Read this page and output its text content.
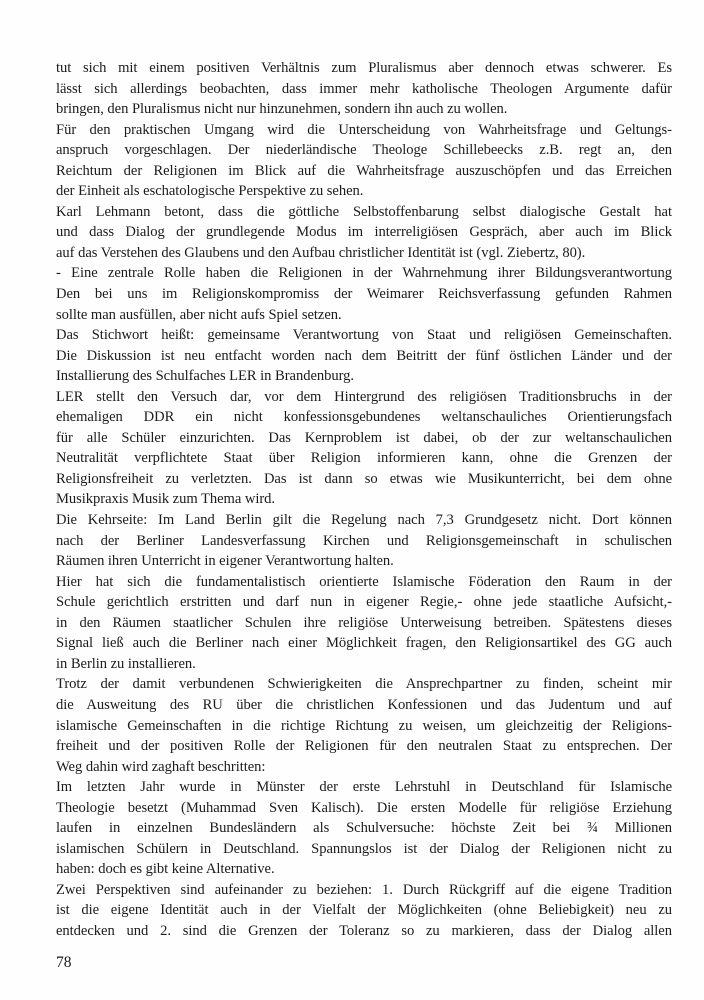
tut sich mit einem positiven Verhältnis zum Pluralismus aber dennoch etwas schwerer. Es
lässt sich allerdings beobachten, dass immer mehr katholische Theologen Argumente dafür
bringen, den Pluralismus nicht nur hinzunehmen, sondern ihn auch zu wollen.
Für den praktischen Umgang wird die Unterscheidung von Wahrheitsfrage und Geltungs-
anspruch vorgeschlagen. Der niederländische Theologe Schillebeecks z.B. regt an, den
Reichtum der Religionen im Blick auf die Wahrheitsfrage auszuschöpfen und das Erreichen
der Einheit als eschatologische Perspektive zu sehen.
Karl Lehmann betont, dass die göttliche Selbstoffenbarung selbst dialogische Gestalt hat
und dass Dialog der grundlegende Modus im interreligiösen Gespräch, aber auch im Blick
auf das Verstehen des Glaubens und den Aufbau christlicher Identität ist (vgl. Ziebertz, 80).
- Eine zentrale Rolle haben die Religionen in der Wahrnehmung ihrer Bildungsverantwortung
Den bei uns im Religionskompromiss der Weimarer Reichsverfassung gefunden Rahmen
sollte man ausfüllen, aber nicht aufs Spiel setzen.
Das Stichwort heißt: gemeinsame Verantwortung von Staat und religiösen Gemeinschaften.
Die Diskussion ist neu entfacht worden nach dem Beitritt der fünf östlichen Länder und der
Installierung des Schulfaches LER in Brandenburg.
LER stellt den Versuch dar, vor dem Hintergrund des religiösen Traditionsbruchs in der
ehemaligen DDR ein nicht konfessionsgebundenes weltanschauliches Orientierungsfach
für alle Schüler einzurichten. Das Kernproblem ist dabei, ob der zur weltanschaulichen
Neutralität verpflichtete Staat über Religion informieren kann, ohne die Grenzen der
Religionsfreiheit zu verletzten. Das ist dann so etwas wie Musikunterricht, bei dem ohne
Musikpraxis Musik zum Thema wird.
Die Kehrseite: Im Land Berlin gilt die Regelung nach 7,3 Grundgesetz nicht. Dort können
nach der Berliner Landesverfassung Kirchen und Religionsgemeinschaft in schulischen
Räumen ihren Unterricht in eigener Verantwortung halten.
Hier hat sich die fundamentalistisch orientierte Islamische Föderation den Raum in der
Schule gerichtlich erstritten und darf nun in eigener Regie,- ohne jede staatliche Aufsicht,-
in den Räumen staatlicher Schulen ihre religiöse Unterweisung betreiben. Spätestens dieses
Signal ließ auch die Berliner nach einer Möglichkeit fragen, den Religionsartikel des GG auch
in Berlin zu installieren.
Trotz der damit verbundenen Schwierigkeiten die Ansprechpartner zu finden, scheint mir
die Ausweitung des RU über die christlichen Konfessionen und das Judentum und auf
islamische Gemeinschaften in die richtige Richtung zu weisen, um gleichzeitig der Religions-
freiheit und der positiven Rolle der Religionen für den neutralen Staat zu entsprechen. Der
Weg dahin wird zaghaft beschritten:
Im letzten Jahr wurde in Münster der erste Lehrstuhl in Deutschland für Islamische
Theologie besetzt (Muhammad Sven Kalisch). Die ersten Modelle für religiöse Erziehung
laufen in einzelnen Bundesländern als Schulversuche: höchste Zeit bei ¾ Millionen
islamischen Schülern in Deutschland. Spannungslos ist der Dialog der Religionen nicht zu
haben: doch es gibt keine Alternative.
Zwei Perspektiven sind aufeinander zu beziehen: 1. Durch Rückgriff auf die eigene Tradition
ist die eigene Identität auch in der Vielfalt der Möglichkeiten (ohne Beliebigkeit) neu zu
entdecken und 2. sind die Grenzen der Toleranz so zu markieren, dass der Dialog allen
78
